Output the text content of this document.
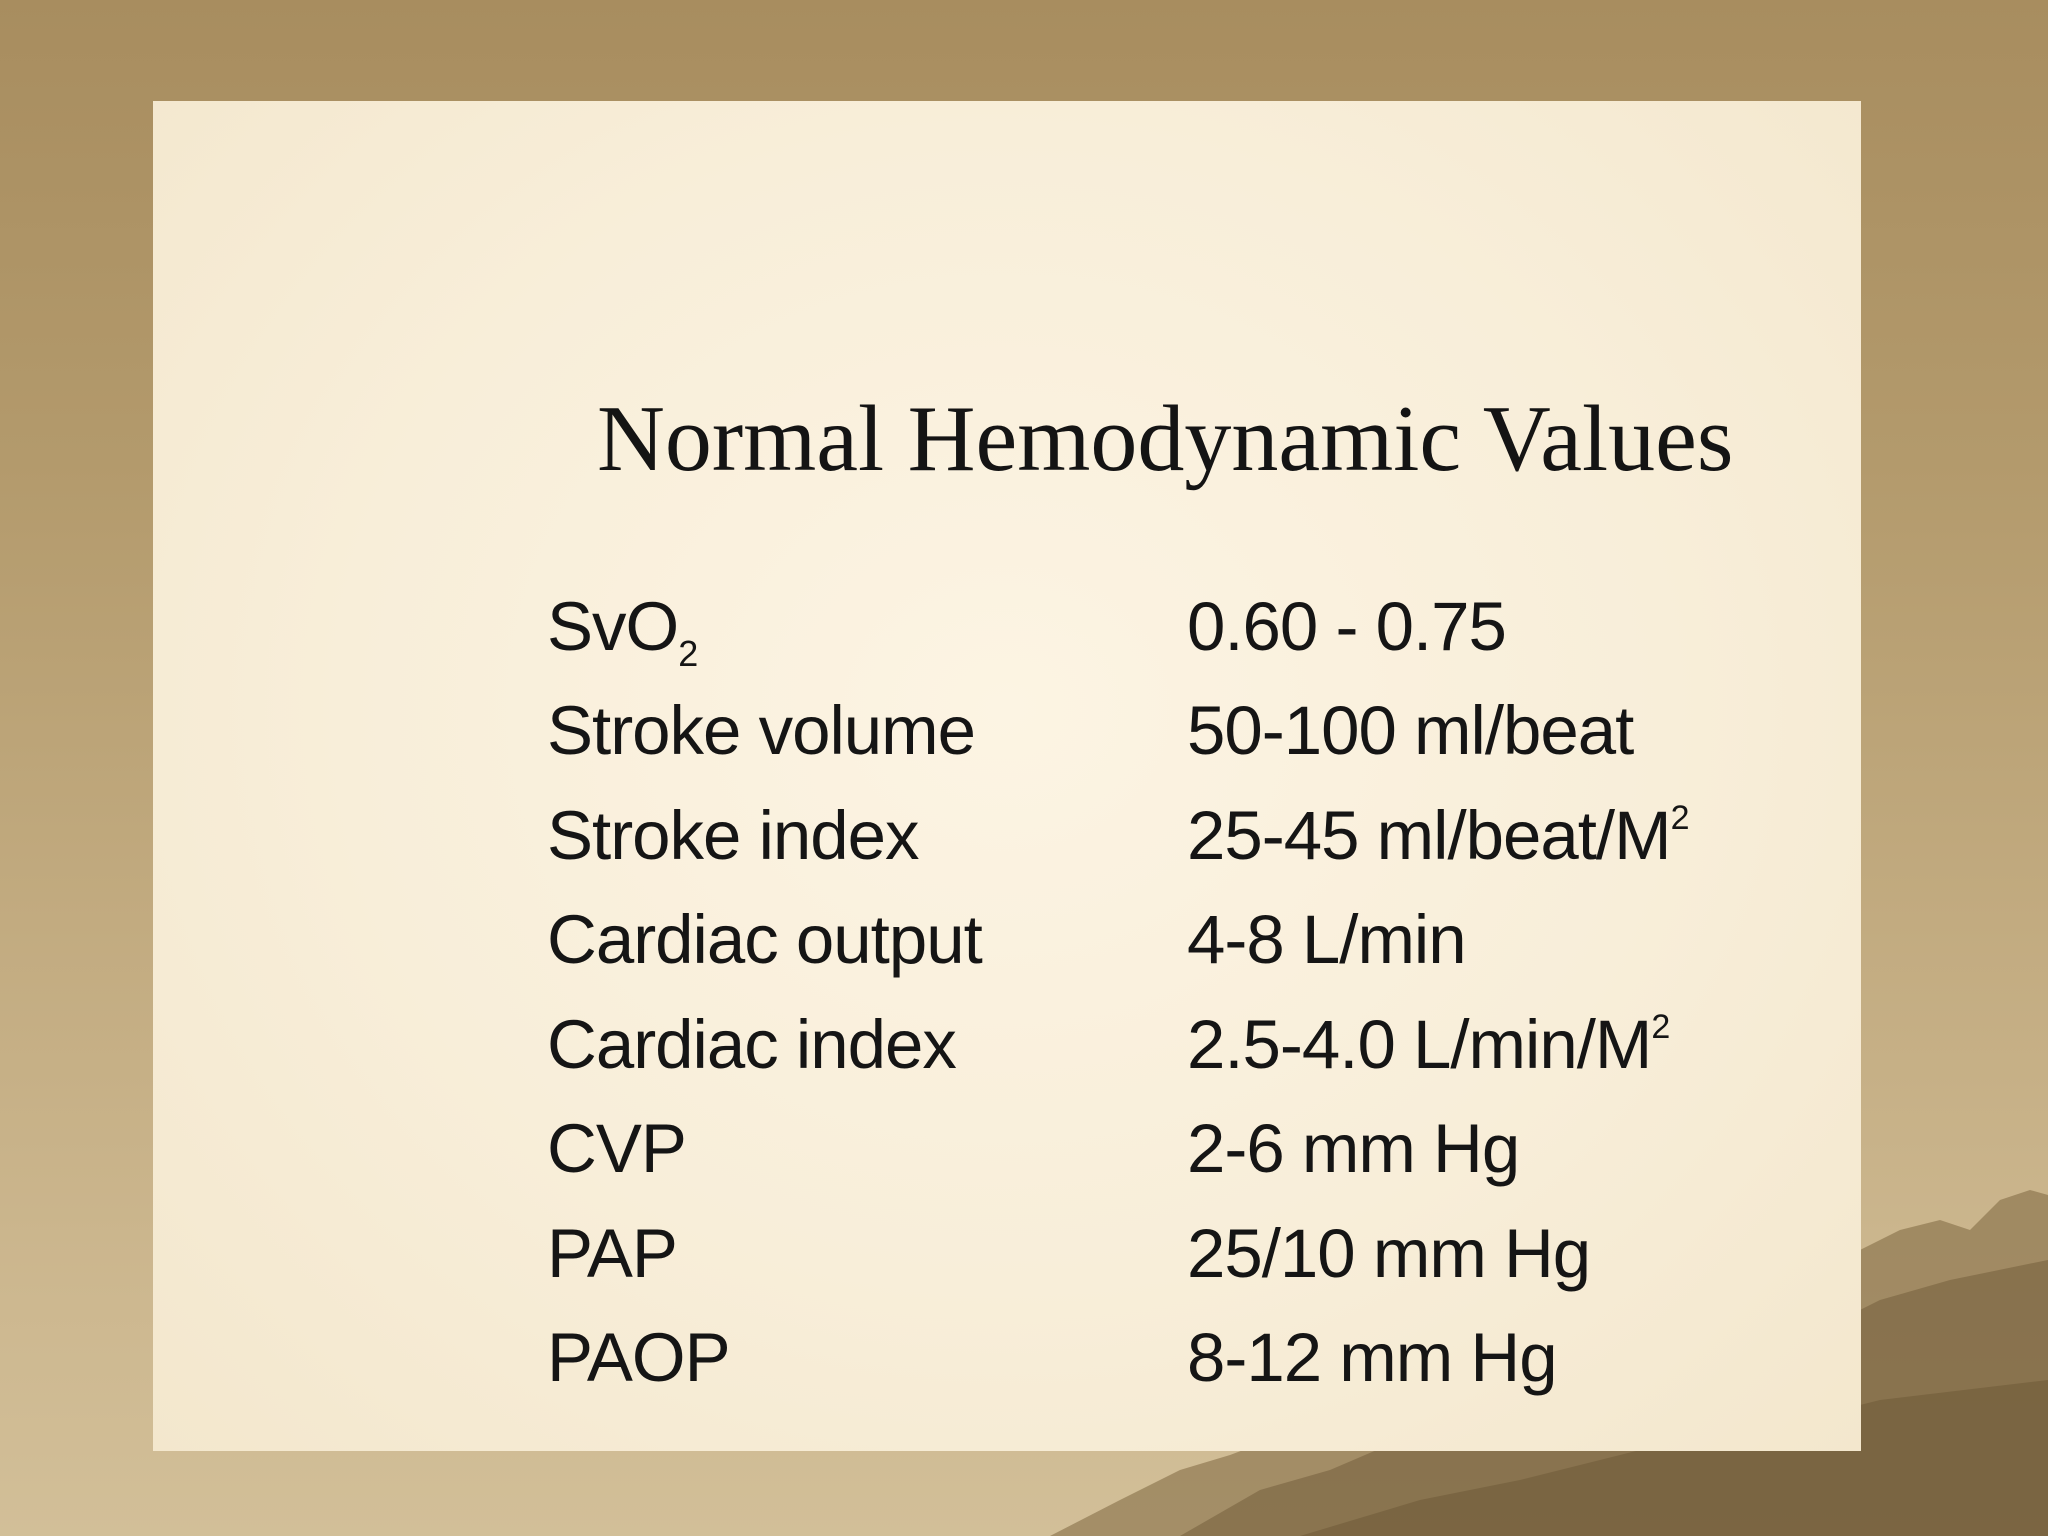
Normal Hemodynamic Values
SvO$_2$	0.60 - 0.75
Stroke volume	50-100 ml/beat
Stroke index	25-45 $ml/beat/M^2$
Cardiac output	4-8 L/min
Cardiac index	2.5-4.0 $L/\min/M^2$
CVP	2-6 mm Hg
PAP	25/10 mm Hg
PAOP	8-12 mm Hg
